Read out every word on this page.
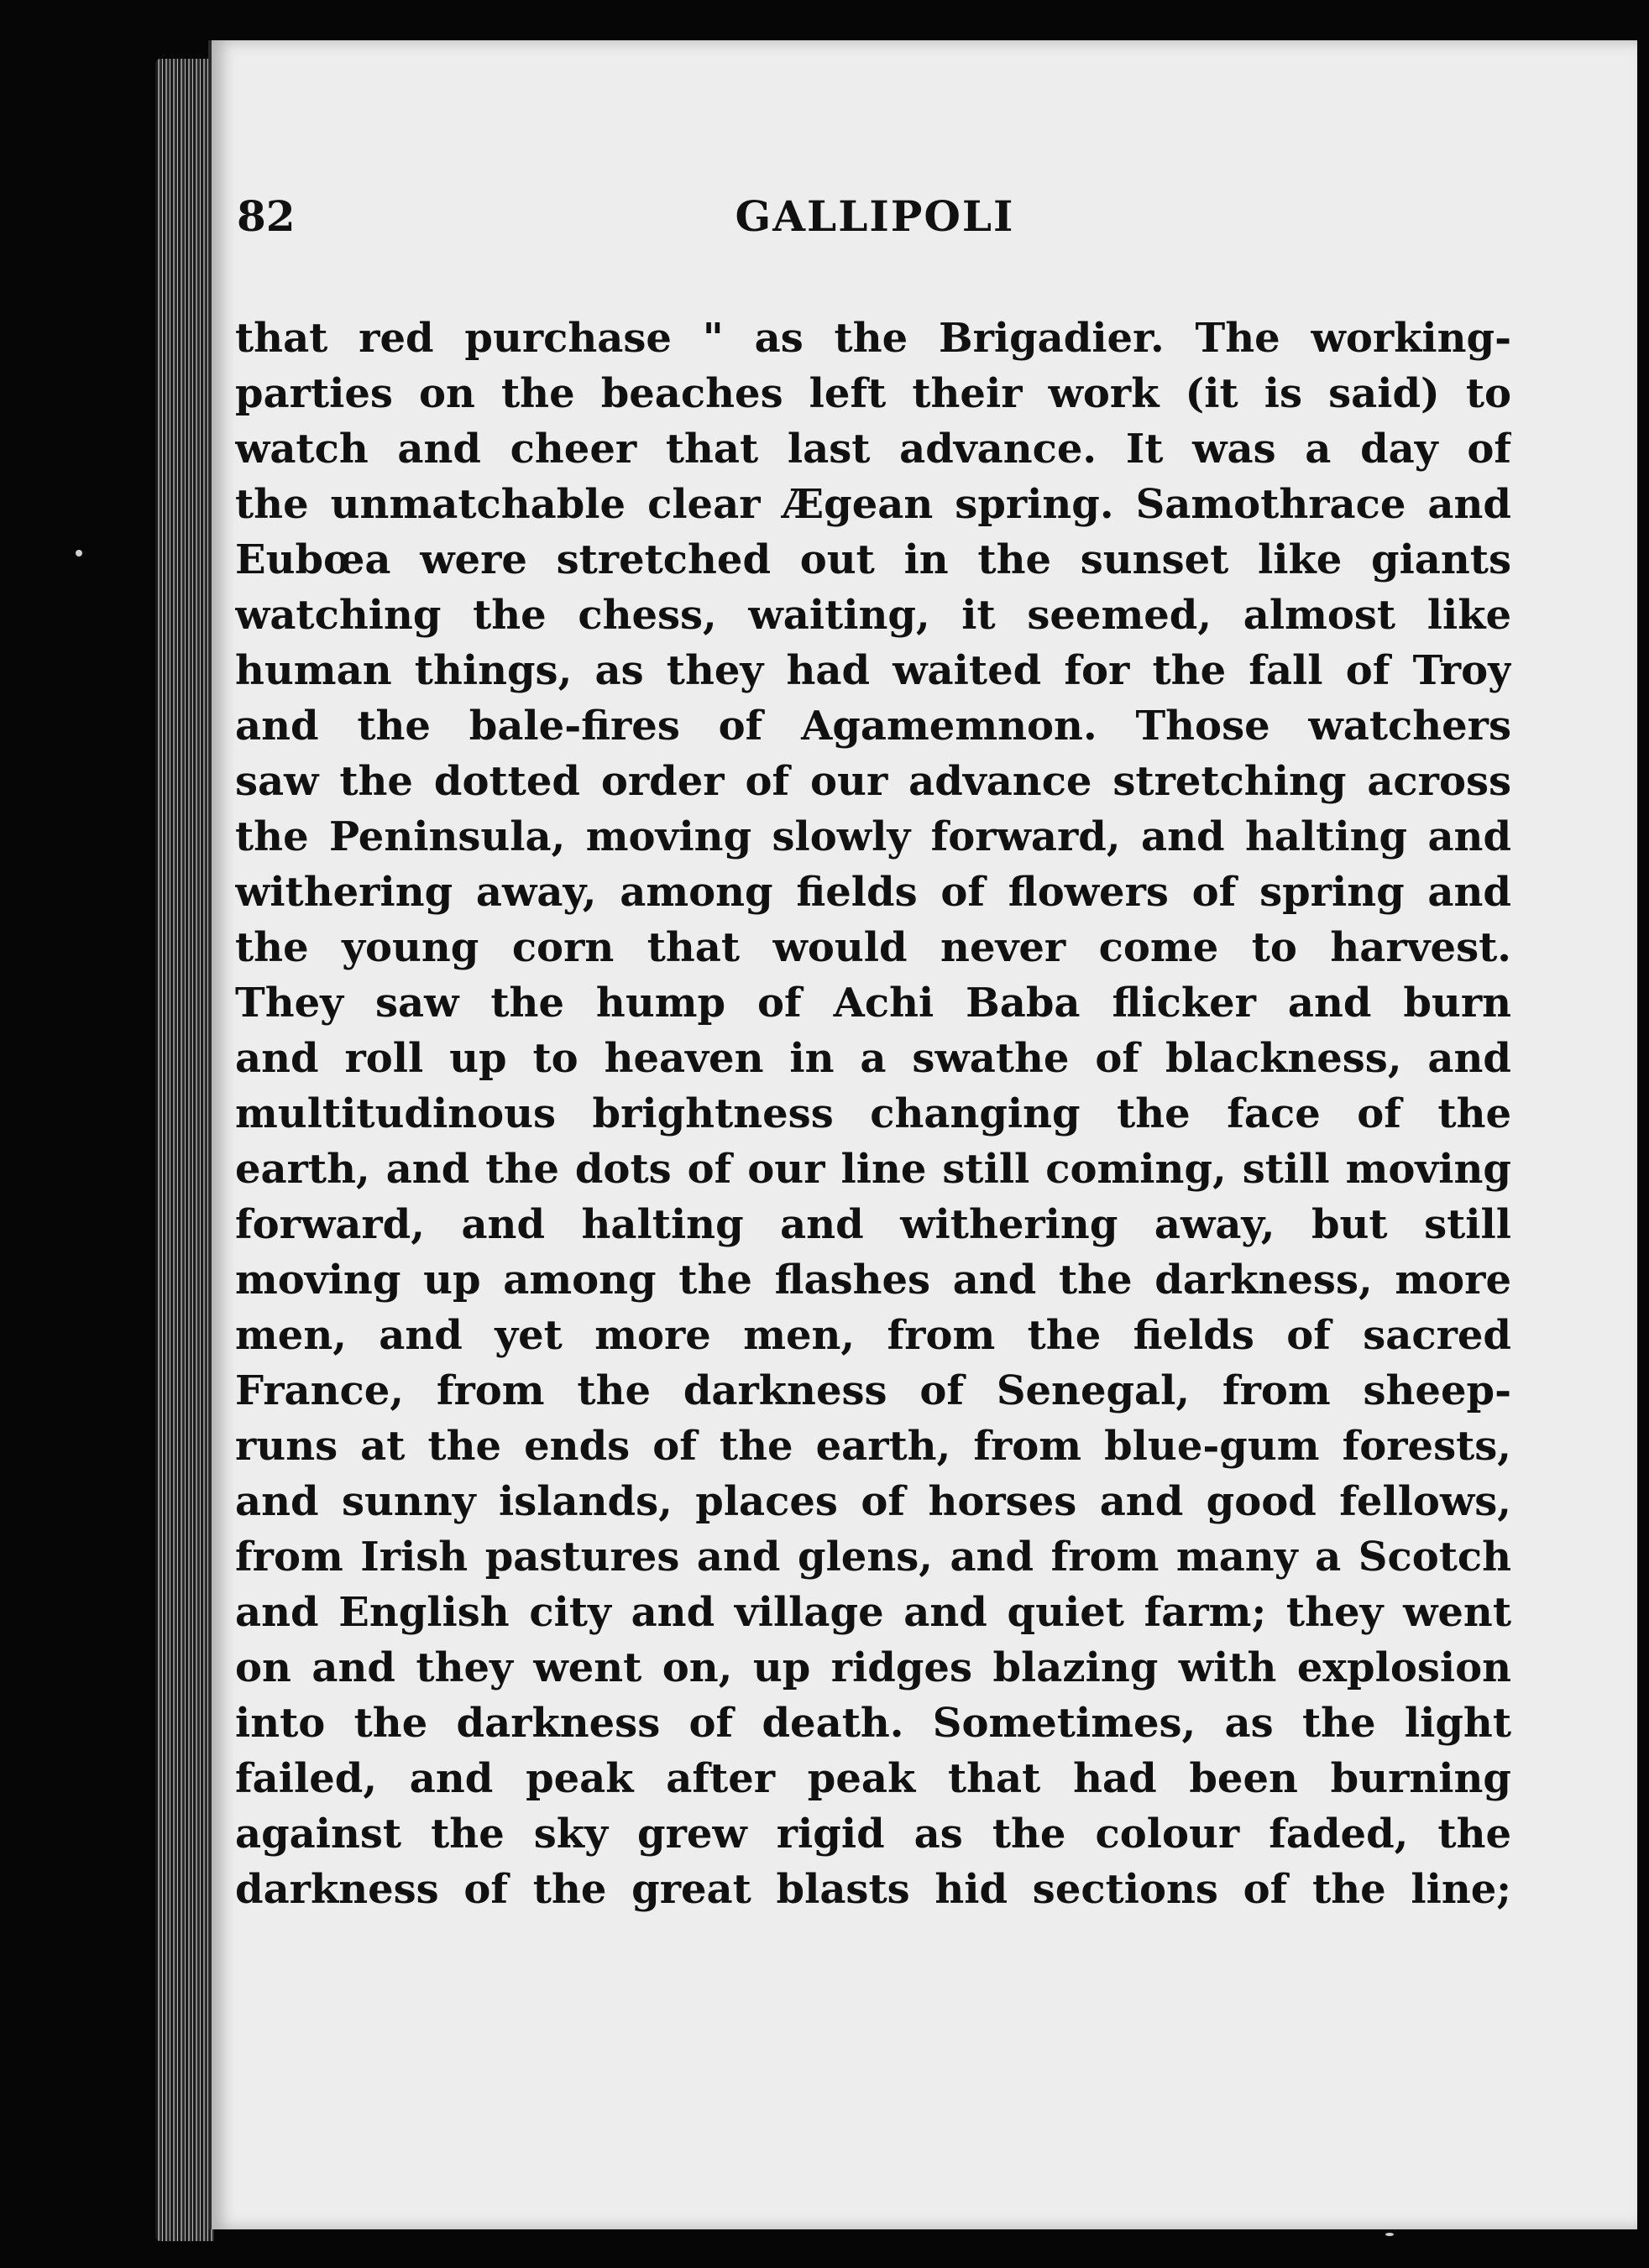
82	GALLIPOLI
that red purchase " as the Brigadier. The working-
parties on the beaches left their work (it is said) to
watch and cheer that last advance. It was a day of
the unmatchable clear Ægean spring. Samothrace and
Eubœa were stretched out in the sunset like giants
watching the chess, waiting, it seemed, almost like
human things, as they had waited for the fall of Troy
and the bale-fires of Agamemnon. Those watchers
saw the dotted order of our advance stretching across
the Peninsula, moving slowly forward, and halting and
withering away, among fields of flowers of spring and
the young corn that would never come to harvest.
They saw the hump of Achi Baba flicker and burn
and roll up to heaven in a swathe of blackness, and
multitudinous brightness changing the face of the
earth, and the dots of our line still coming, still moving
forward, and halting and withering away, but still
moving up among the flashes and the darkness, more
men, and yet more men, from the fields of sacred
France, from the darkness of Senegal, from sheep-
runs at the ends of the earth, from blue-gum forests,
and sunny islands, places of horses and good fellows,
from Irish pastures and glens, and from many a Scotch
and English city and village and quiet farm; they went
on and they went on, up ridges blazing with explosion
into the darkness of death. Sometimes, as the light
failed, and peak after peak that had been burning
against the sky grew rigid as the colour faded, the
darkness of the great blasts hid sections of the line;
